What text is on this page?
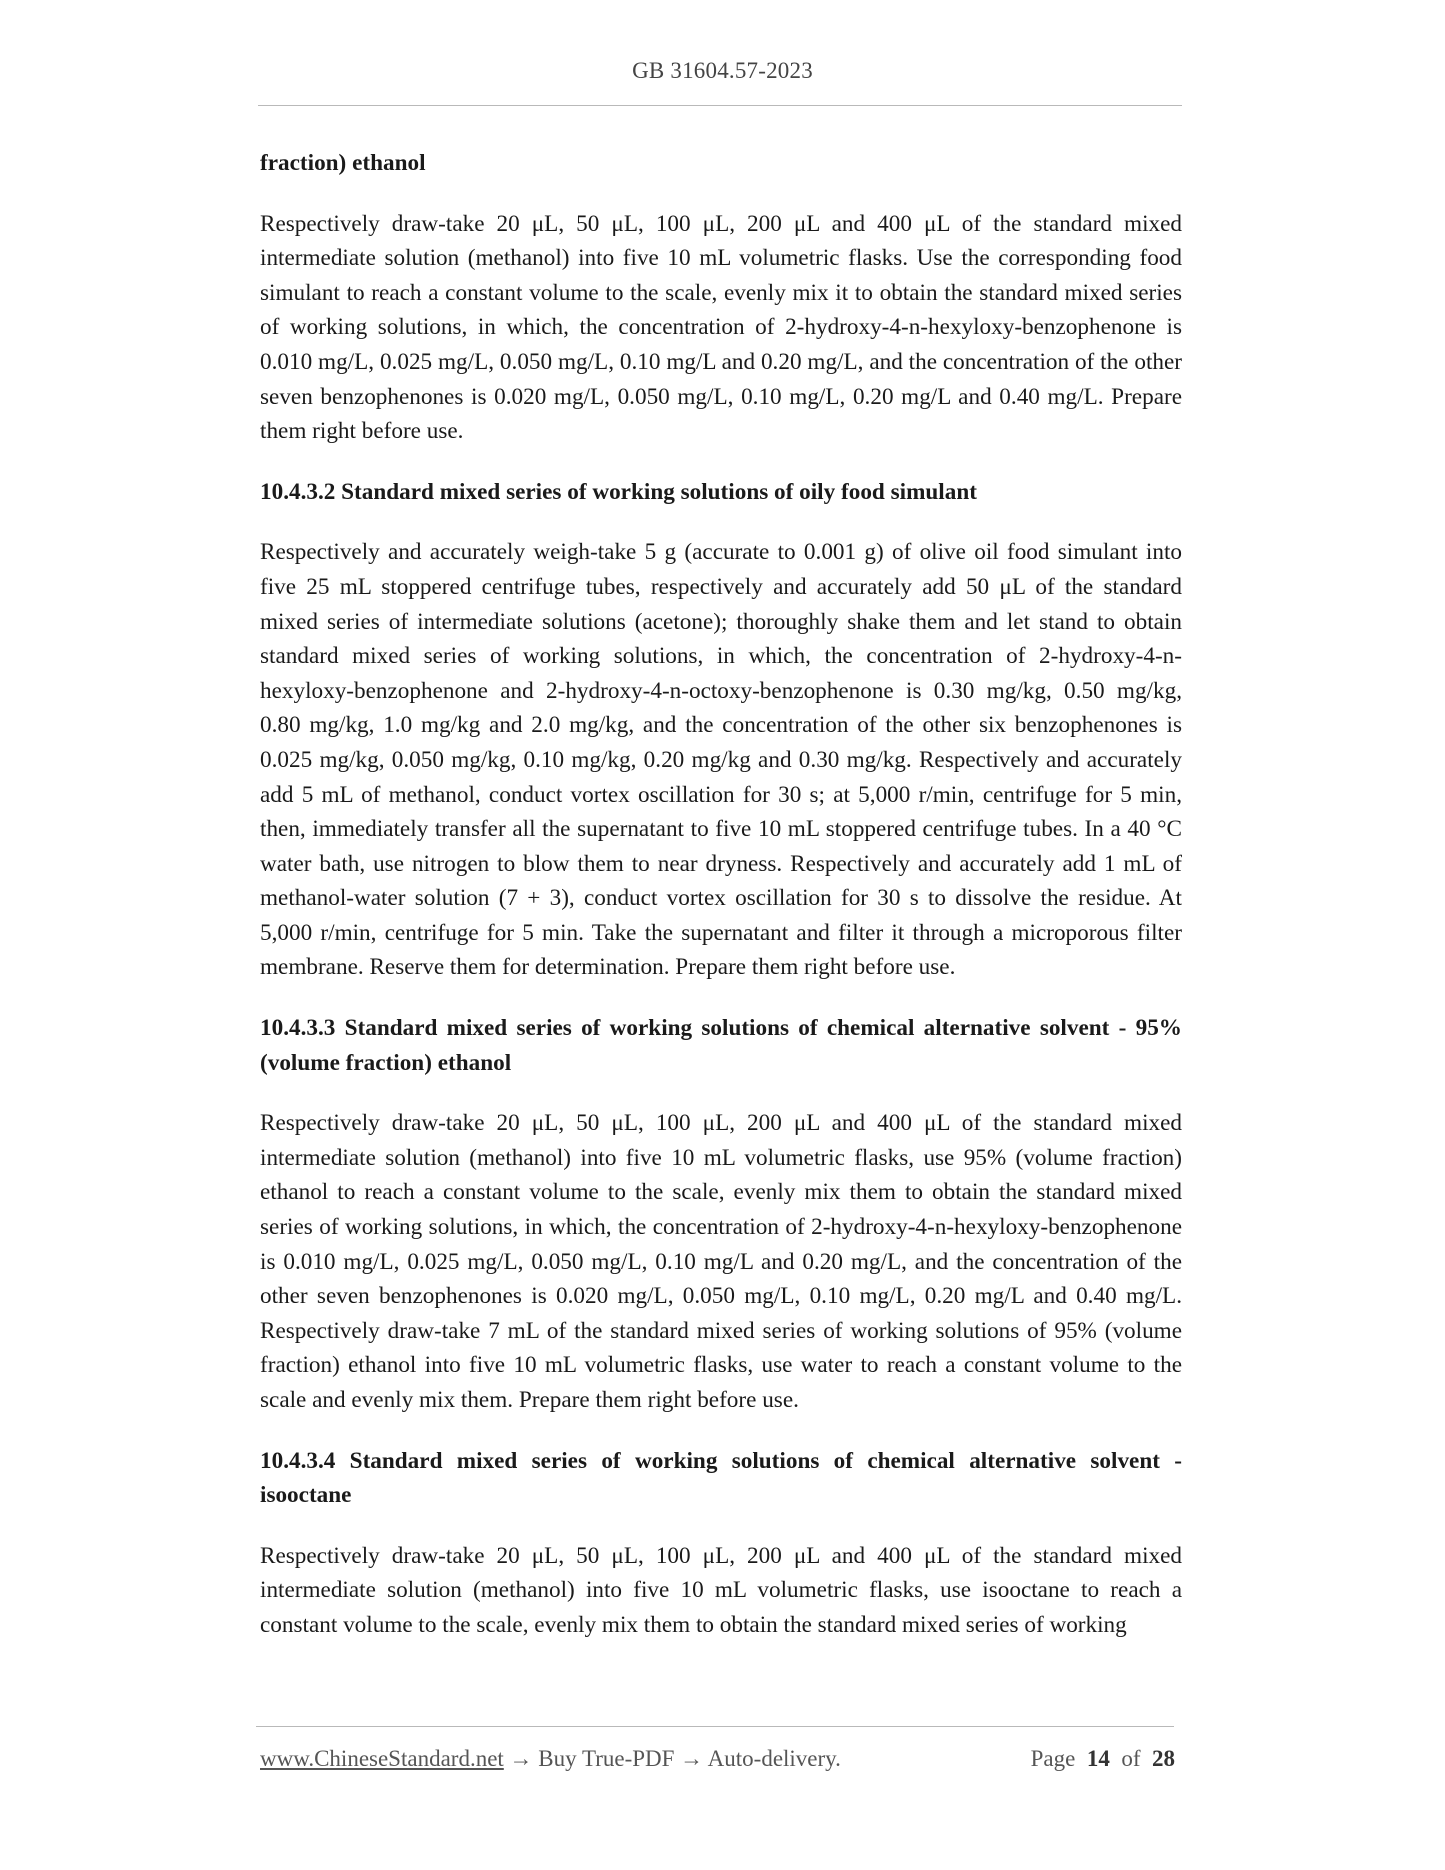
GB 31604.57-2023

fraction) ethanol

Respectively draw-take 20 μL, 50 μL, 100 μL, 200 μL and 400 μL of the standard mixed intermediate solution (methanol) into five 10 mL volumetric flasks. Use the corresponding food simulant to reach a constant volume to the scale, evenly mix it to obtain the standard mixed series of working solutions, in which, the concentration of 2-hydroxy-4-n-hexyloxy-benzophenone is 0.010 mg/L, 0.025 mg/L, 0.050 mg/L, 0.10 mg/L and 0.20 mg/L, and the concentration of the other seven benzophenones is 0.020 mg/L, 0.050 mg/L, 0.10 mg/L, 0.20 mg/L and 0.40 mg/L. Prepare them right before use.

10.4.3.2 Standard mixed series of working solutions of oily food simulant

Respectively and accurately weigh-take 5 g (accurate to 0.001 g) of olive oil food simulant into five 25 mL stoppered centrifuge tubes, respectively and accurately add 50 μL of the standard mixed series of intermediate solutions (acetone); thoroughly shake them and let stand to obtain standard mixed series of working solutions, in which, the concentration of 2-hydroxy-4-n-hexyloxy-benzophenone and 2-hydroxy-4-n-octoxy-benzophenone is 0.30 mg/kg, 0.50 mg/kg, 0.80 mg/kg, 1.0 mg/kg and 2.0 mg/kg, and the concentration of the other six benzophenones is 0.025 mg/kg, 0.050 mg/kg, 0.10 mg/kg, 0.20 mg/kg and 0.30 mg/kg. Respectively and accurately add 5 mL of methanol, conduct vortex oscillation for 30 s; at 5,000 r/min, centrifuge for 5 min, then, immediately transfer all the supernatant to five 10 mL stoppered centrifuge tubes. In a 40 °C water bath, use nitrogen to blow them to near dryness. Respectively and accurately add 1 mL of methanol-water solution (7 + 3), conduct vortex oscillation for 30 s to dissolve the residue. At 5,000 r/min, centrifuge for 5 min. Take the supernatant and filter it through a microporous filter membrane. Reserve them for determination. Prepare them right before use.

10.4.3.3 Standard mixed series of working solutions of chemical alternative solvent - 95% (volume fraction) ethanol

Respectively draw-take 20 μL, 50 μL, 100 μL, 200 μL and 400 μL of the standard mixed intermediate solution (methanol) into five 10 mL volumetric flasks, use 95% (volume fraction) ethanol to reach a constant volume to the scale, evenly mix them to obtain the standard mixed series of working solutions, in which, the concentration of 2-hydroxy-4-n-hexyloxy-benzophenone is 0.010 mg/L, 0.025 mg/L, 0.050 mg/L, 0.10 mg/L and 0.20 mg/L, and the concentration of the other seven benzophenones is 0.020 mg/L, 0.050 mg/L, 0.10 mg/L, 0.20 mg/L and 0.40 mg/L. Respectively draw-take 7 mL of the standard mixed series of working solutions of 95% (volume fraction) ethanol into five 10 mL volumetric flasks, use water to reach a constant volume to the scale and evenly mix them. Prepare them right before use.

10.4.3.4 Standard mixed series of working solutions of chemical alternative solvent - isooctane

Respectively draw-take 20 μL, 50 μL, 100 μL, 200 μL and 400 μL of the standard mixed intermediate solution (methanol) into five 10 mL volumetric flasks, use isooctane to reach a constant volume to the scale, evenly mix them to obtain the standard mixed series of working

www.ChineseStandard.net → Buy True-PDF → Auto-delivery.	Page 14 of 28
